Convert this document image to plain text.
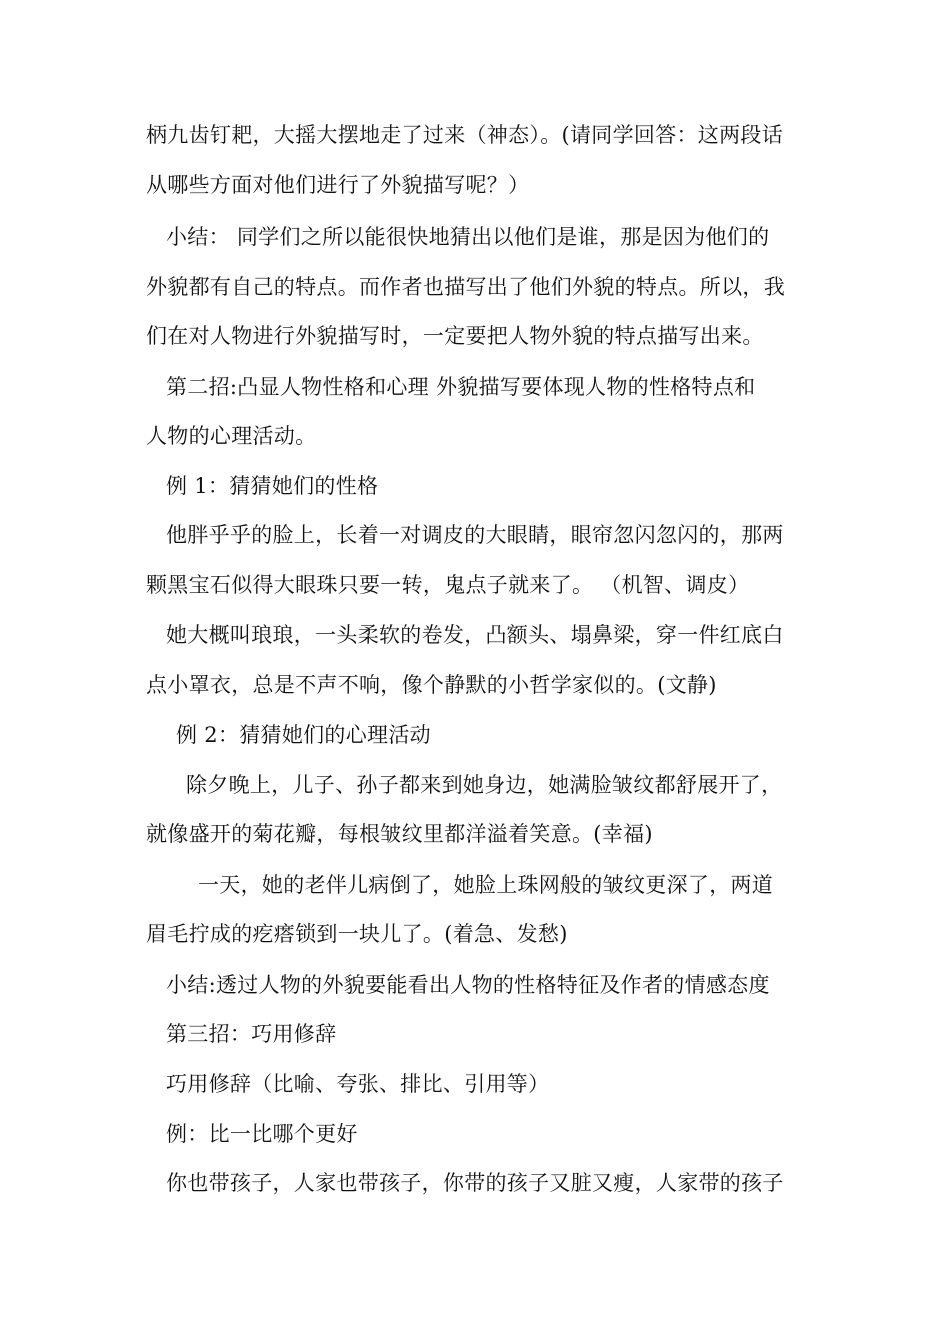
柄九齿钉耙，大摇大摆地走了过来（神态）。(请同学回答：这两段话
从哪些方面对他们进行了外貌描写呢？）
小结： 同学们之所以能很快地猜出以他们是谁，那是因为他们的
外貌都有自己的特点。而作者也描写出了他们外貌的特点。所以，我
们在对人物进行外貌描写时，一定要把人物外貌的特点描写出来。
第二招:凸显人物性格和心理 外貌描写要体现人物的性格特点和
人物的心理活动。
例 1：猜猜她们的性格
他胖乎乎的脸上，长着一对调皮的大眼睛，眼帘忽闪忽闪的，那两
颗黑宝石似得大眼珠只要一转，鬼点子就来了。 （机智、调皮）
她大概叫琅琅，一头柔软的卷发，凸额头、塌鼻梁，穿一件红底白
点小罩衣，总是不声不响，像个静默的小哲学家似的。(文静)
例 2：猜猜她们的心理活动
除夕晚上，儿子、孙子都来到她身边，她满脸皱纹都舒展开了，
就像盛开的菊花瓣，每根皱纹里都洋溢着笑意。(幸福)
一天，她的老伴儿病倒了，她脸上珠网般的皱纹更深了，两道
眉毛拧成的疙瘩锁到一块儿了。(着急、发愁)
小结:透过人物的外貌要能看出人物的性格特征及作者的情感态度
第三招：巧用修辞
巧用修辞（比喻、夸张、排比、引用等）
例：比一比哪个更好
你也带孩子，人家也带孩子，你带的孩子又脏又瘦，人家带的孩子
